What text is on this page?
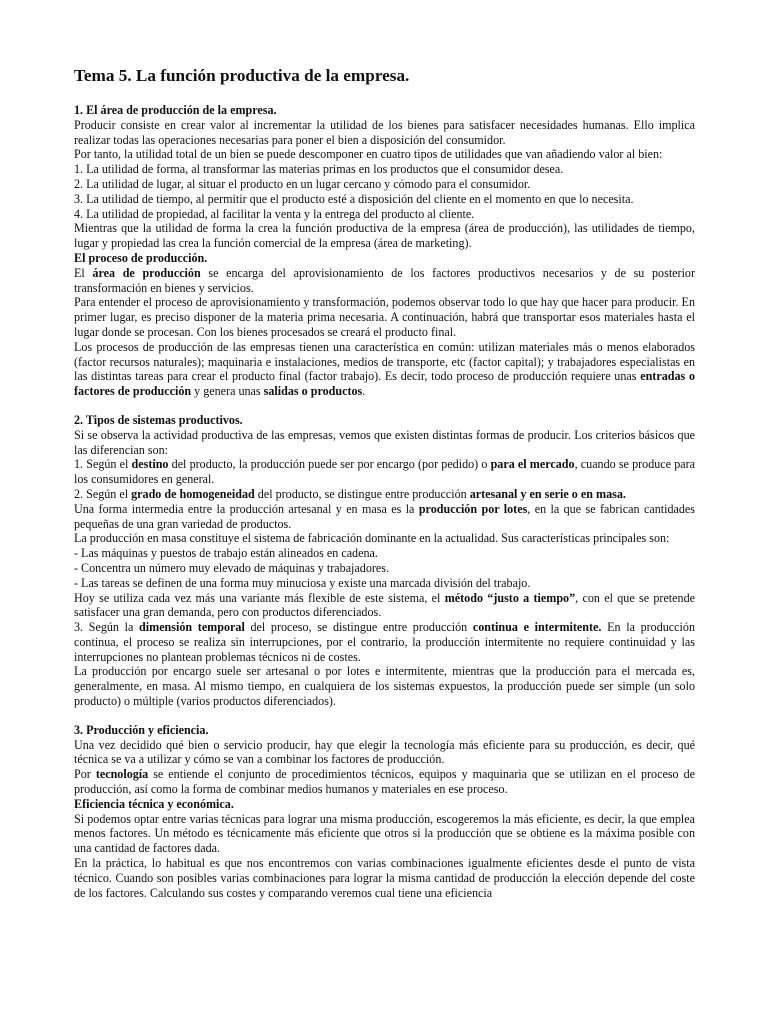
Tema 5. La función productiva de la empresa.

1. El área de producción de la empresa.

Producir consiste en crear valor al incrementar la utilidad de los bienes para satisfacer necesidades humanas. Ello implica realizar todas las operaciones necesarias para poner el bien a disposición del consumidor.

Por tanto, la utilidad total de un bien se puede descomponer en cuatro tipos de utilidades que van añadiendo valor al bien:

1. La utilidad de forma, al transformar las materias primas en los productos que el consumidor desea.

2. La utilidad de lugar, al situar el producto en un lugar cercano y cómodo para el consumidor.

3. La utilidad de tiempo, al permitir que el producto esté a disposición del cliente en el momento en que lo necesita.

4. La utilidad de propiedad, al facilitar la venta y la entrega del producto al cliente.

Mientras que la utilidad de forma la crea la función productiva de la empresa (área de producción), las utilidades de tiempo, lugar y propiedad las crea la función comercial de la empresa (área de marketing).

El proceso de producción.

El área de producción se encarga del aprovisionamiento de los factores productivos necesarios y de su posterior transformación en bienes y servicios.

Para entender el proceso de aprovisionamiento y transformación, podemos observar todo lo que hay que hacer para producir. En primer lugar, es preciso disponer de la materia prima necesaria. A continuación, habrá que transportar esos materiales hasta el lugar donde se procesan. Con los bienes procesados se creará el producto final.

Los procesos de producción de las empresas tienen una característica en común: utilizan materiales más o menos elaborados (factor recursos naturales); maquinaria e instalaciones, medios de transporte, etc (factor capital); y trabajadores especialistas en las distintas tareas para crear el producto final (factor trabajo). Es decir, todo proceso de producción requiere unas entradas o factores de producción y genera unas salidas o productos.

2. Tipos de sistemas productivos.

Si se observa la actividad productiva de las empresas, vemos que existen distintas formas de producir. Los criterios básicos que las diferencian son:

1. Según el destino del producto, la producción puede ser por encargo (por pedido) o para el mercado, cuando se produce para los consumidores en general.

2. Según el grado de homogeneidad del producto, se distingue entre producción artesanal y en serie o en masa.

Una forma intermedia entre la producción artesanal y en masa es la producción por lotes, en la que se fabrican cantidades pequeñas de una gran variedad de productos.

La producción en masa constituye el sistema de fabricación dominante en la actualidad. Sus características principales son:

- Las máquinas y puestos de trabajo están alineados en cadena.

- Concentra un número muy elevado de máquinas y trabajadores.

- Las tareas se definen de una forma muy minuciosa y existe una marcada división del trabajo.

Hoy se utiliza cada vez más una variante más flexible de este sistema, el método “justo a tiempo”, con el que se pretende satisfacer una gran demanda, pero con productos diferenciados.

3. Según la dimensión temporal del proceso, se distingue entre producción continua e intermitente. En la producción continua, el proceso se realiza sin interrupciones, por el contrario, la producción intermitente no requiere continuidad y las interrupciones no plantean problemas técnicos ni de costes.

La producción por encargo suele ser artesanal o por lotes e intermitente, mientras que la producción para el mercada es, generalmente, en masa. Al mismo tiempo, en cualquiera de los sistemas expuestos, la producción puede ser simple (un solo producto) o múltiple (varios productos diferenciados).

3. Producción y eficiencia.

Una vez decidido qué bien o servicio producir, hay que elegir la tecnología más eficiente para su producción, es decir, qué técnica se va a utilizar y cómo se van a combinar los factores de producción.

Por tecnología se entiende el conjunto de procedimientos técnicos, equipos y maquinaria que se utilizan en el proceso de producción, así como la forma de combinar medios humanos y materiales en ese proceso.

Eficiencia técnica y económica.

Si podemos optar entre varias técnicas para lograr una misma producción, escogeremos la más eficiente, es decir, la que emplea menos factores. Un método es técnicamente más eficiente que otros si la producción que se obtiene es la máxima posible con una cantidad de factores dada.

En la práctica, lo habitual es que nos encontremos con varias combinaciones igualmente eficientes desde el punto de vista técnico. Cuando son posibles varias combinaciones para lograr la misma cantidad de producción la elección depende del coste de los factores. Calculando sus costes y comparando veremos cual tiene una eficiencia
